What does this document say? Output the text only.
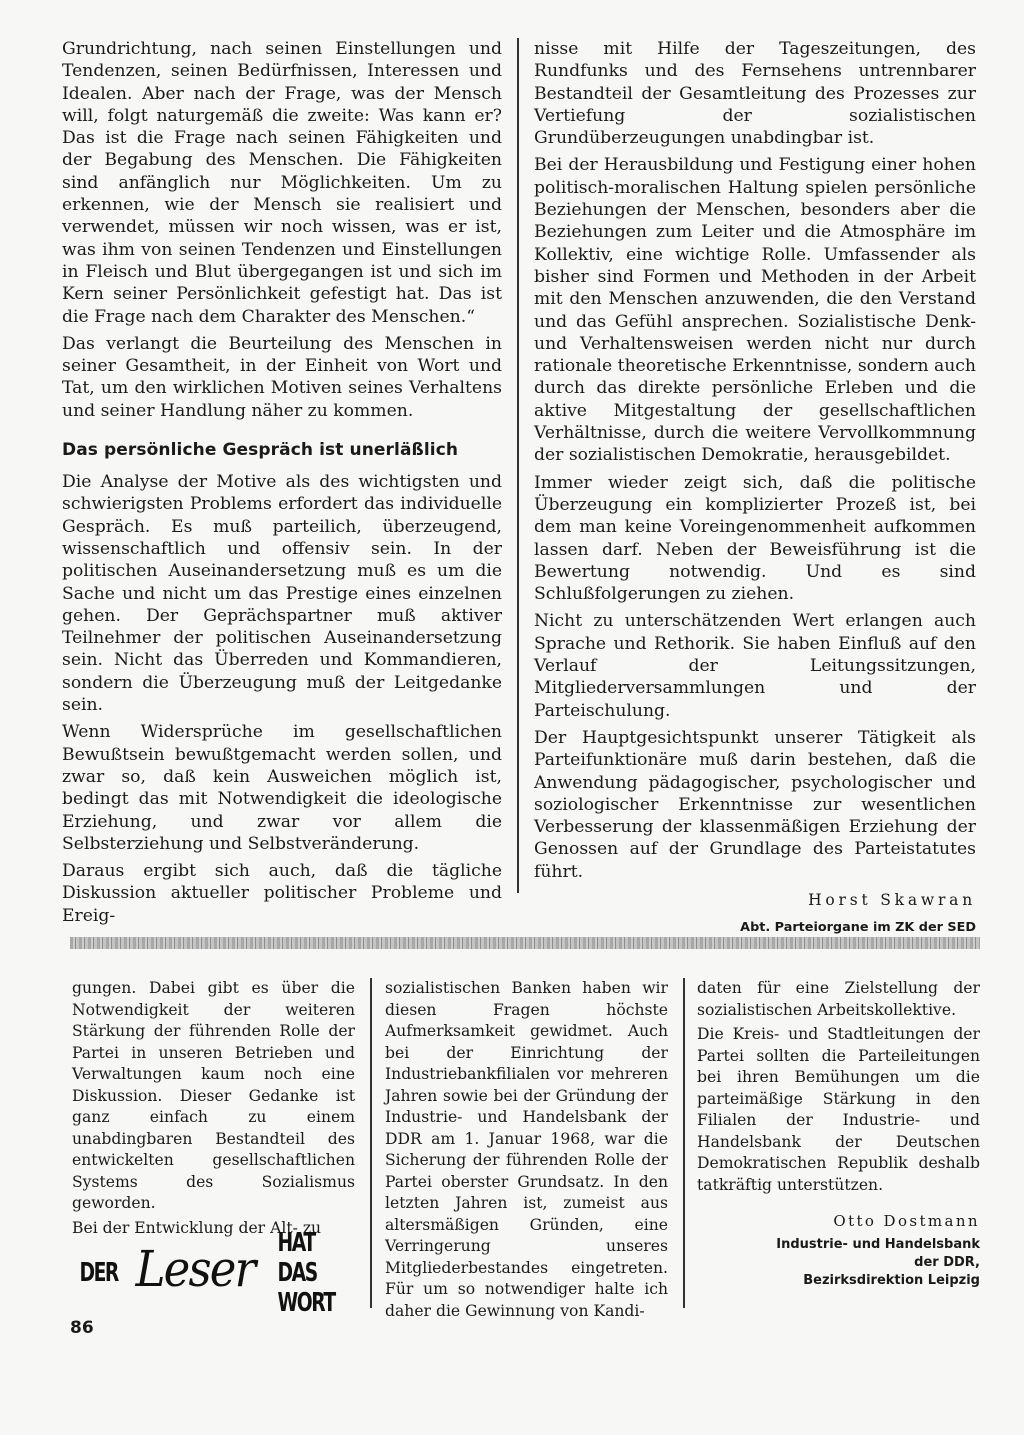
Grundrichtung, nach seinen Einstellungen und Tendenzen, seinen Bedürfnissen, Interessen und Idealen. Aber nach der Frage, was der Mensch will, folgt naturgemäß die zweite: Was kann er? Das ist die Frage nach seinen Fähigkeiten und der Begabung des Menschen. Die Fähigkeiten sind anfänglich nur Möglichkeiten. Um zu erkennen, wie der Mensch sie realisiert und verwendet, müssen wir noch wissen, was er ist, was ihm von seinen Tendenzen und Einstellungen in Fleisch und Blut übergegangen ist und sich im Kern seiner Persönlichkeit gefestigt hat. Das ist die Frage nach dem Charakter des Menschen.“

Das verlangt die Beurteilung des Menschen in seiner Gesamtheit, in der Einheit von Wort und Tat, um den wirklichen Motiven seines Verhaltens und seiner Handlung näher zu kommen.

Das persönliche Gespräch ist unerläßlich

Die Analyse der Motive als des wichtigsten und schwierigsten Problems erfordert das individuelle Gespräch. Es muß parteilich, überzeugend, wissenschaftlich und offensiv sein. In der politischen Auseinandersetzung muß es um die Sache und nicht um das Prestige eines einzelnen gehen. Der Geprächspartner muß aktiver Teilnehmer der politischen Auseinandersetzung sein. Nicht das Überreden und Kommandieren, sondern die Überzeugung muß der Leitgedanke sein.

Wenn Widersprüche im gesellschaftlichen Bewußtsein bewußtgemacht werden sollen, und zwar so, daß kein Ausweichen möglich ist, bedingt das mit Notwendigkeit die ideologische Erziehung, und zwar vor allem die Selbsterziehung und Selbstveränderung.

Daraus ergibt sich auch, daß die tägliche Diskussion aktueller politischer Probleme und Ereig-

nisse mit Hilfe der Tageszeitungen, des Rundfunks und des Fernsehens untrennbarer Bestandteil der Gesamtleitung des Prozesses zur Vertiefung der sozialistischen Grundüberzeugungen unabdingbar ist.

Bei der Herausbildung und Festigung einer hohen politisch-moralischen Haltung spielen persönliche Beziehungen der Menschen, besonders aber die Beziehungen zum Leiter und die Atmosphäre im Kollektiv, eine wichtige Rolle. Umfassender als bisher sind Formen und Methoden in der Arbeit mit den Menschen anzuwenden, die den Verstand und das Gefühl ansprechen. Sozialistische Denk- und Verhaltensweisen werden nicht nur durch rationale theoretische Erkenntnisse, sondern auch durch das direkte persönliche Erleben und die aktive Mitgestaltung der gesellschaftlichen Verhältnisse, durch die weitere Vervollkommnung der sozialistischen Demokratie, herausgebildet.

Immer wieder zeigt sich, daß die politische Überzeugung ein komplizierter Prozeß ist, bei dem man keine Voreingenommenheit aufkommen lassen darf. Neben der Beweisführung ist die Bewertung notwendig. Und es sind Schlußfolgerungen zu ziehen.

Nicht zu unterschätzenden Wert erlangen auch Sprache und Rethorik. Sie haben Einfluß auf den Verlauf der Leitungssitzungen, Mitgliederversammlungen und der Parteischulung.

Der Hauptgesichtspunkt unserer Tätigkeit als Parteifunktionäre muß darin bestehen, daß die Anwendung pädagogischer, psychologischer und soziologischer Erkenntnisse zur wesentlichen Verbesserung der klassenmäßigen Erziehung der Genossen auf der Grundlage des Parteistatutes führt.

Horst Skawran
Abt. Parteiorgane im ZK der SED

gungen. Dabei gibt es über die Notwendigkeit der weiteren Stärkung der führenden Rolle der Partei in unseren Betrieben und Verwaltungen kaum noch eine Diskussion. Dieser Gedanke ist ganz einfach zu einem unabdingbaren Bestandteil des entwickelten gesellschaftlichen Systems des Sozialismus geworden.

Bei der Entwicklung der Alt- zu

sozialistischen Banken haben wir diesen Fragen höchste Aufmerksamkeit gewidmet. Auch bei der Einrichtung der Industriebankfilialen vor mehreren Jahren sowie bei der Gründung der Industrie- und Handelsbank der DDR am 1. Januar 1968, war die Sicherung der führenden Rolle der Partei oberster Grundsatz. In den letzten Jahren ist, zumeist aus altersmäßigen Gründen, eine Verringerung unseres Mitgliederbestandes eingetreten. Für um so notwendiger halte ich daher die Gewinnung von Kandi-

daten für eine Zielstellung der sozialistischen Arbeitskollektive.

Die Kreis- und Stadtleitungen der Partei sollten die Parteileitungen bei ihren Bemühungen um die parteimäßige Stärkung in den Filialen der Industrie- und Handelsbank der Deutschen Demokratischen Republik deshalb tatkräftig unterstützen.

Otto Dostmann
Industrie- und Handelsbank
der DDR,
Bezirksdirektion Leipzig
DER Leser HAT DAS WORT
86
